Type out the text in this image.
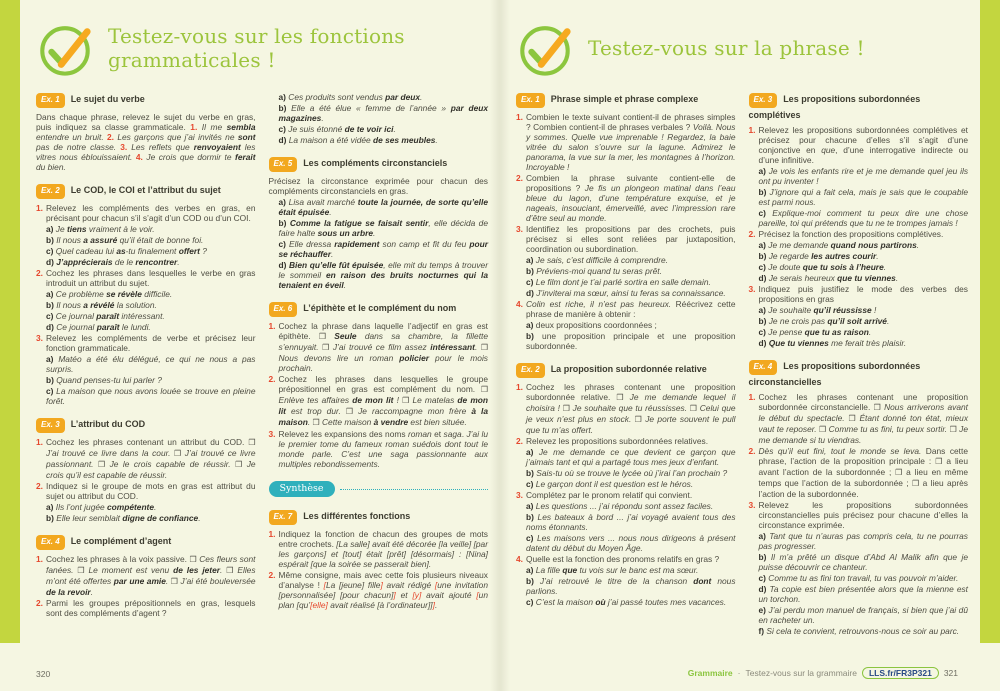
Testez-vous sur les fonctions grammaticales !
Ex. 1 Le sujet du verbe

Dans chaque phrase, relevez le sujet du verbe en gras, puis indiquez sa classe grammaticale. 1. Il me sembla entendre un bruit. 2. Les garçons que j’ai invités ne sont pas de notre classe. 3. Les reflets que renvoyaient les vitres nous éblouissaient. 4. Je crois que dormir te ferait du bien.

Ex. 2 Le COD, le COI et l’attribut du sujet

1. Relevez les compléments des verbes en gras, en précisant pour chacun s’il s’agit d’un COD ou d’un COI.

a) Je tiens vraiment à le voir.

b) Il nous a assuré qu’il était de bonne foi.

c) Quel cadeau lui as-tu finalement offert ?

d) J’apprécierais de le rencontrer.

2. Cochez les phrases dans lesquelles le verbe en gras introduit un attribut du sujet.

a) Ce problème se révèle difficile.

b) Il nous a révélé la solution.

c) Ce journal paraît intéressant.

d) Ce journal paraît le lundi.

3. Relevez les compléments de verbe et précisez leur fonction grammaticale.

a) Matéo a été élu délégué, ce qui ne nous a pas surpris.

b) Quand penses-tu lui parler ?

c) La maison que nous avons louée se trouve en pleine forêt.

Ex. 3 L’attribut du COD

1. Cochez les phrases contenant un attribut du COD. ❒ J’ai trouvé ce livre dans la cour. ❒ J’ai trouvé ce livre passionnant. ❒ Je le crois capable de réussir. ❒ Je crois qu’il est capable de réussir.

2. Indiquez si le groupe de mots en gras est attribut du sujet ou attribut du COD.

a) Ils l’ont jugée compétente.

b) Elle leur semblait digne de confiance.

Ex. 4 Le complément d’agent

1. Cochez les phrases à la voix passive. ❒ Ces fleurs sont fanées. ❒ Le moment est venu de les jeter. ❒ Elles m’ont été offertes par une amie. ❒ J’ai été bouleversée de la revoir.

2. Parmi les groupes prépositionnels en gras, lesquels sont des compléments d’agent ?

a) Ces produits sont vendus par deux.

b) Elle a été élue « femme de l’année » par deux magazines.

c) Je suis étonné de te voir ici.

d) La maison a été vidée de ses meubles.

Ex. 5 Les compléments circonstanciels

Précisez la circonstance exprimée pour chacun des compléments circonstanciels en gras.

a) Lisa avait marché toute la journée, de sorte qu’elle était épuisée.

b) Comme la fatigue se faisait sentir, elle décida de faire halte sous un arbre.

c) Elle dressa rapidement son camp et fit du feu pour se réchauffer.

d) Bien qu’elle fût épuisée, elle mit du temps à trouver le sommeil en raison des bruits nocturnes qui la tenaient en éveil.

Ex. 6 L’épithète et le complément du nom

1. Cochez la phrase dans laquelle l’adjectif en gras est épithète. ❒ Seule dans sa chambre, la fillette s’ennuyait. ❒ J’ai trouvé ce film assez intéressant. ❒ Nous devons lire un roman policier pour le mois prochain.

2. Cochez les phrases dans lesquelles le groupe prépositionnel en gras est complément du nom. ❒ Enlève tes affaires de mon lit ! ❒ Le matelas de mon lit est trop dur. ❒ Je raccompagne mon frère à la maison. ❒ Cette maison à vendre est bien située.

3. Relevez les expansions des noms roman et saga. J’ai lu le premier tome du fameux roman suédois dont tout le monde parle. C’est une saga passionnante aux multiples rebondissements.

Synthèse
Ex. 7 Les différentes fonctions

1. Indiquez la fonction de chacun des groupes de mots entre crochets. [La salle] avait été décorée [la veille] [par les garçons] et [tout] était [prêt] [désormais] : [Nina] espérait [que la soirée se passerait bien].

2. Même consigne, mais avec cette fois plusieurs niveaux d’analyse ! [La [jeune] fille] avait rédigé [une invitation [personnalisée] [pour chacun]] et [y] avait ajouté [un plan [qu’[elle] avait réalisé [à l’ordinateur]]].

320
Testez-vous sur la phrase !
Ex. 1 Phrase simple et phrase complexe

1. Combien le texte suivant contient-il de phrases simples ? Combien contient-il de phrases verbales ? Voilà. Nous y sommes. Quelle vue imprenable ! Regardez, la baie vitrée du salon s’ouvre sur la lagune. Admirez le panorama, la vue sur la mer, les montagnes à l’horizon. Incroyable !

2. Combien la phrase suivante contient-elle de propositions ? Je fis un plongeon matinal dans l’eau bleue du lagon, d’une température exquise, et je nageais, insouciant, émerveillé, avec l’impression rare d’être seul au monde.

3. Identifiez les propositions par des crochets, puis précisez si elles sont reliées par juxtaposition, coordination ou subordination.

a) Je sais, c’est difficile à comprendre.

b) Préviens-moi quand tu seras prêt.

c) Le film dont je t’ai parlé sortira en salle demain.

d) J’inviterai ma sœur, ainsi tu feras sa connaissance.

4. Colin est riche, il n’est pas heureux. Réécrivez cette phrase de manière à obtenir :

a) deux propositions coordonnées ;

b) une proposition principale et une proposition subordonnée.

Ex. 2 La proposition subordonnée relative

1. Cochez les phrases contenant une proposition subordonnée relative. ❒ Je me demande lequel il choisira ! ❒ Je souhaite que tu réussisses. ❒ Celui que je veux n’est plus en stock. ❒ Je porte souvent le pull que tu m’as offert.

2. Relevez les propositions subordonnées relatives.

a) Je me demande ce que devient ce garçon que j’aimais tant et qui a partagé tous mes jeux d’enfant.

b) Sais-tu où se trouve le lycée où j’irai l’an prochain ?

c) Le garçon dont il est question est le héros.

3. Complétez par le pronom relatif qui convient.

a) Les questions ... j’ai répondu sont assez faciles.

b) Les bateaux à bord ... j’ai voyagé avaient tous des noms étonnants.

c) Les maisons vers ... nous nous dirigeons à présent datent du début du Moyen Âge.

4. Quelle est la fonction des pronoms relatifs en gras ?

a) La fille que tu vois sur le banc est ma sœur.

b) J’ai retrouvé le titre de la chanson dont nous parlions.

c) C’est la maison où j’ai passé toutes mes vacances.

Ex. 3 Les propositions subordonnées complétives

1. Relevez les propositions subordonnées complétives et précisez pour chacune d’elles s’il s’agit d’une conjonctive en que, d’une interrogative indirecte ou d’une infinitive.

a) Je vois les enfants rire et je me demande quel jeu ils ont pu inventer !

b) J’ignore qui a fait cela, mais je sais que le coupable est parmi nous.

c) Explique-moi comment tu peux dire une chose pareille, toi qui prétends que tu ne te trompes jamais !

2. Précisez la fonction des propositions complétives.

a) Je me demande quand nous partirons.

b) Je regarde les autres courir.

c) Je doute que tu sois à l’heure.

d) Je serais heureux que tu viennes.

3. Indiquez puis justifiez le mode des verbes des propositions en gras

a) Je souhaite qu’il réussisse !

b) Je ne crois pas qu’il soit arrivé.

c) Je pense que tu as raison.

d) Que tu viennes me ferait très plaisir.

Ex. 4 Les propositions subordonnées circonstancielles

1. Cochez les phrases contenant une proposition subordonnée circonstancielle. ❒ Nous arriverons avant le début du spectacle. ❒ Étant donné ton état, mieux vaut te reposer. ❒ Comme tu as fini, tu peux sortir. ❒ Je me demande si tu viendras.

2. Dès qu’il eut fini, tout le monde se leva. Dans cette phrase, l’action de la proposition principale : ❒ a lieu avant l’action de la subordonnée ; ❒ a lieu en même temps que l’action de la subordonnée ; ❒ a lieu après l’action de la subordonnée.

3. Relevez les propositions subordonnées circonstancielles puis précisez pour chacune d’elles la circonstance exprimée.

a) Tant que tu n’auras pas compris cela, tu ne pourras pas progresser.

b) Il m’a prêté un disque d’Abd Al Malik afin que je puisse découvrir ce chanteur.

c) Comme tu as fini ton travail, tu vas pouvoir m’aider.

d) Ta copie est bien présentée alors que la mienne est un torchon.

e) J’ai perdu mon manuel de français, si bien que j’ai dû en racheter un.

f) Si cela te convient, retrouvons-nous ce soir au parc.

Grammaire · Testez-vous sur la grammaire	LLS.fr/FR3P321	321
